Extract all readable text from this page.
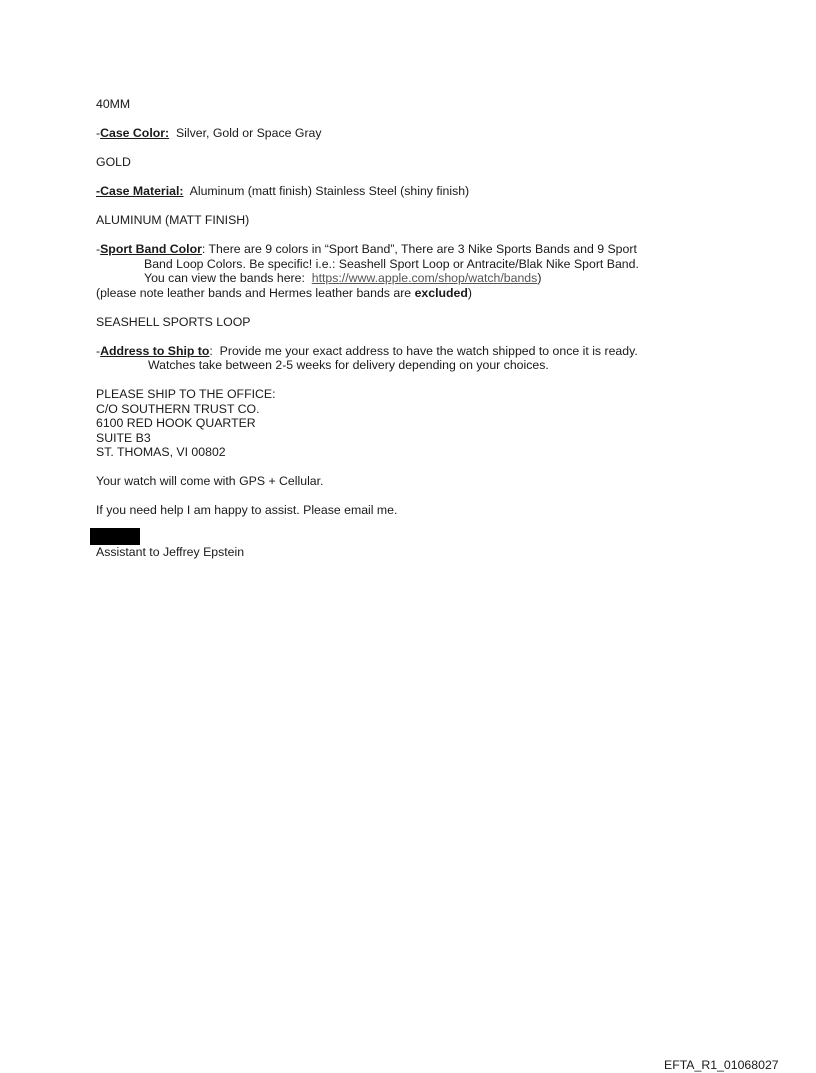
40MM
-Case Color:  Silver, Gold or Space Gray
GOLD
-Case Material:  Aluminum (matt finish) Stainless Steel (shiny finish)
ALUMINUM (MATT FINISH)
-Sport Band Color: There are 9 colors in “Sport Band”, There are 3 Nike Sports Bands and 9 Sport
Band Loop Colors. Be specific! i.e.: Seashell Sport Loop or Antracite/Blak Nike Sport Band.
You can view the bands here:  https://www.apple.com/shop/watch/bands)
(please note leather bands and Hermes leather bands are excluded)
SEASHELL SPORTS LOOP
-Address to Ship to:  Provide me your exact address to have the watch shipped to once it is ready.
Watches take between 2-5 weeks for delivery depending on your choices.
PLEASE SHIP TO THE OFFICE:
C/O SOUTHERN TRUST CO.
6100 RED HOOK QUARTER
SUITE B3
ST. THOMAS, VI 00802
Your watch will come with GPS + Cellular.
If you need help I am happy to assist. Please email me.
Assistant to Jeffrey Epstein
EFTA_R1_01068027
